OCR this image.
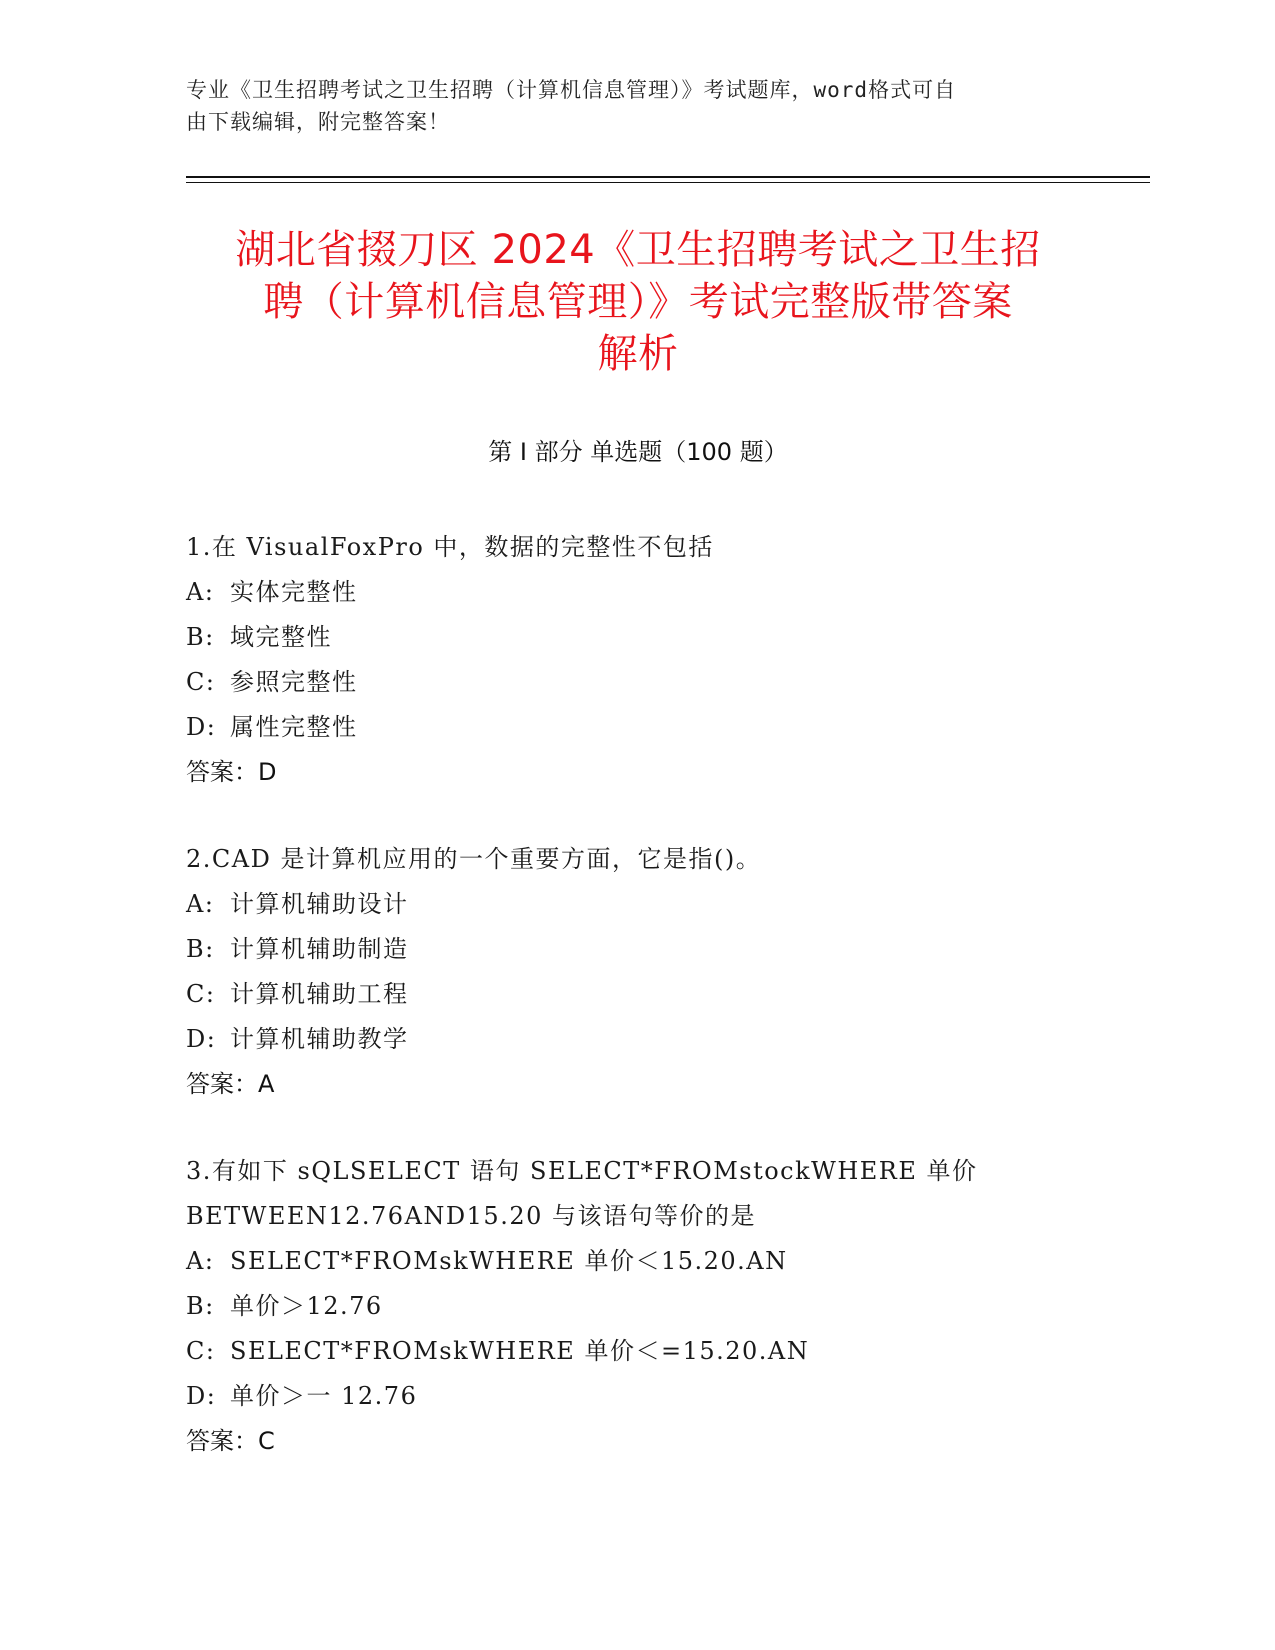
专业《卫生招聘考试之卫生招聘（计算机信息管理）》考试题库，word格式可自
由下载编辑，附完整答案！
湖北省掇刀区 2024《卫生招聘考试之卫生招
聘（计算机信息管理）》考试完整版带答案
解析
第 I 部分 单选题（100 题）
1.在 VisualFoxPro 中，数据的完整性不包括
A: 实体完整性
B: 域完整性
C: 参照完整性
D: 属性完整性
答案：D
2.CAD 是计算机应用的一个重要方面，它是指()。
A: 计算机辅助设计
B: 计算机辅助制造
C: 计算机辅助工程
D: 计算机辅助教学
答案：A
3.有如下 sQLSELECT 语句 SELECT*FROMstockWHERE 单价
BETWEEN12.76AND15.20 与该语句等价的是
A: SELECT*FROMskWHERE 单价＜15.20.AN
B: 单价＞12.76
C: SELECT*FROMskWHERE 单价＜=15.20.AN
D: 单价＞一 12.76
答案：C
